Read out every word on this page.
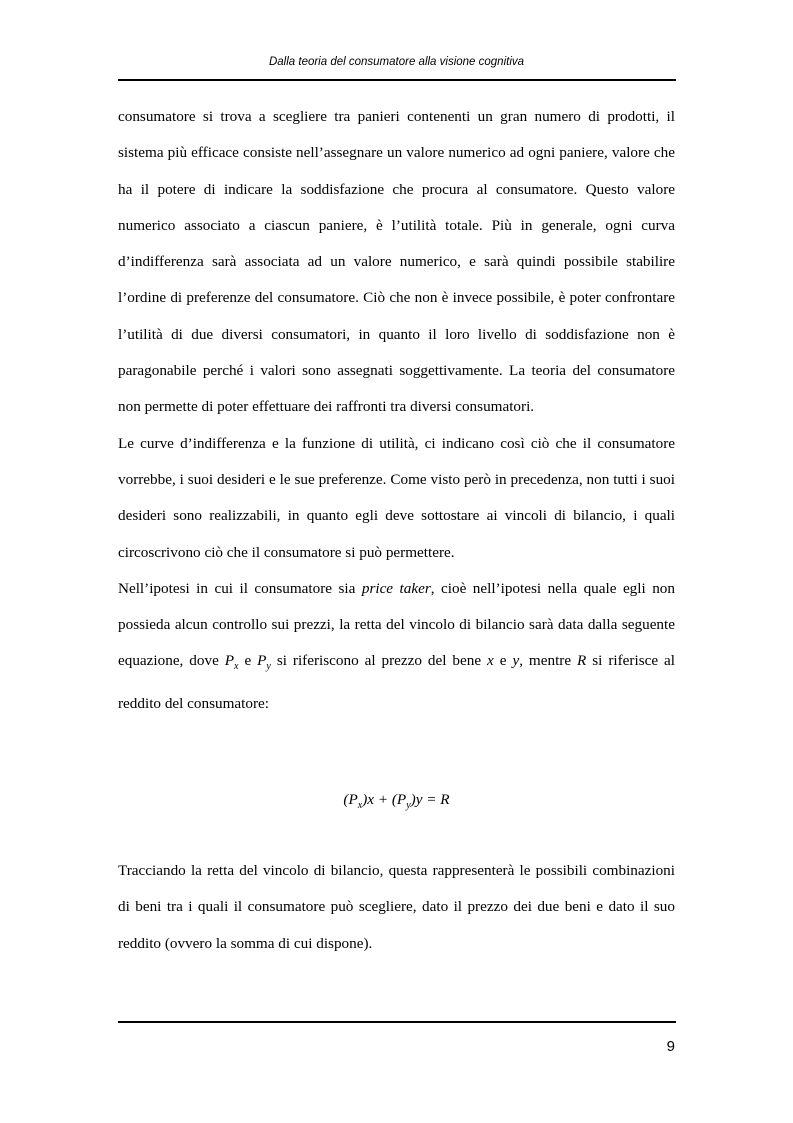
Dalla teoria del consumatore alla visione cognitiva

consumatore si trova a scegliere tra panieri contenenti un gran numero di prodotti, il sistema più efficace consiste nell’assegnare un valore numerico ad ogni paniere, valore che ha il potere di indicare la soddisfazione che procura al consumatore. Questo valore numerico associato a ciascun paniere, è l’utilità totale. Più in generale, ogni curva d’indifferenza sarà associata ad un valore numerico, e sarà quindi possibile stabilire l’ordine di preferenze del consumatore. Ciò che non è invece possibile, è poter confrontare l’utilità di due diversi consumatori, in quanto il loro livello di soddisfazione non è paragonabile perché i valori sono assegnati soggettivamente. La teoria del consumatore non permette di poter effettuare dei raffronti tra diversi consumatori.

Le curve d’indifferenza e la funzione di utilità, ci indicano così ciò che il consumatore vorrebbe, i suoi desideri e le sue preferenze. Come visto però in precedenza, non tutti i suoi desideri sono realizzabili, in quanto egli deve sottostare ai vincoli di bilancio, i quali circoscrivono ciò che il consumatore si può permettere.

Nell’ipotesi in cui il consumatore sia price taker, cioè nell’ipotesi nella quale egli non possieda alcun controllo sui prezzi, la retta del vincolo di bilancio sarà data dalla seguente equazione, dove $P_x$ e $P_y$ si riferiscono al prezzo del bene x e y, mentre R si riferisce al reddito del consumatore:

$(P_x)x + (P_y)y = R$

Tracciando la retta del vincolo di bilancio, questa rappresenterà le possibili combinazioni di beni tra i quali il consumatore può scegliere, dato il prezzo dei due beni e dato il suo reddito (ovvero la somma di cui dispone).

9
